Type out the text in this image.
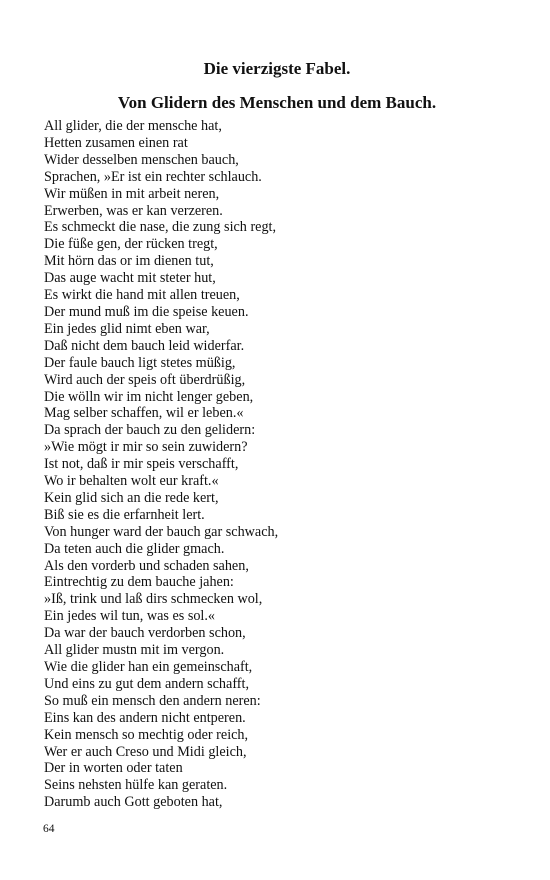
Die vierzigste Fabel.
Von Glidern des Menschen und dem Bauch.
All glider, die der mensche hat,
Hetten zusamen einen rat
Wider desselben menschen bauch,
Sprachen, »Er ist ein rechter schlauch.
Wir müßen in mit arbeit neren,
Erwerben, was er kan verzeren.
Es schmeckt die nase, die zung sich regt,
Die füße gen, der rücken tregt,
Mit hörn das or im dienen tut,
Das auge wacht mit steter hut,
Es wirkt die hand mit allen treuen,
Der mund muß im die speise keuen.
Ein jedes glid nimt eben war,
Daß nicht dem bauch leid widerfar.
Der faule bauch ligt stetes müßig,
Wird auch der speis oft überdrüßig,
Die wölln wir im nicht lenger geben,
Mag selber schaffen, wil er leben.«
Da sprach der bauch zu den gelidern:
»Wie mögt ir mir so sein zuwidern?
Ist not, daß ir mir speis verschafft,
Wo ir behalten wolt eur kraft.«
Kein glid sich an die rede kert,
Biß sie es die erfarnheit lert.
Von hunger ward der bauch gar schwach,
Da teten auch die glider gmach.
Als den vorderb und schaden sahen,
Eintrechtig zu dem bauche jahen:
»Iß, trink und laß dirs schmecken wol,
Ein jedes wil tun, was es sol.«
Da war der bauch verdorben schon,
All glider mustn mit im vergon.
Wie die glider han ein gemeinschaft,
Und eins zu gut dem andern schafft,
So muß ein mensch den andern neren:
Eins kan des andern nicht entperen.
Kein mensch so mechtig oder reich,
Wer er auch Creso und Midi gleich,
Der in worten oder taten
Seins nehsten hülfe kan geraten.
Darumb auch Gott geboten hat,
64
